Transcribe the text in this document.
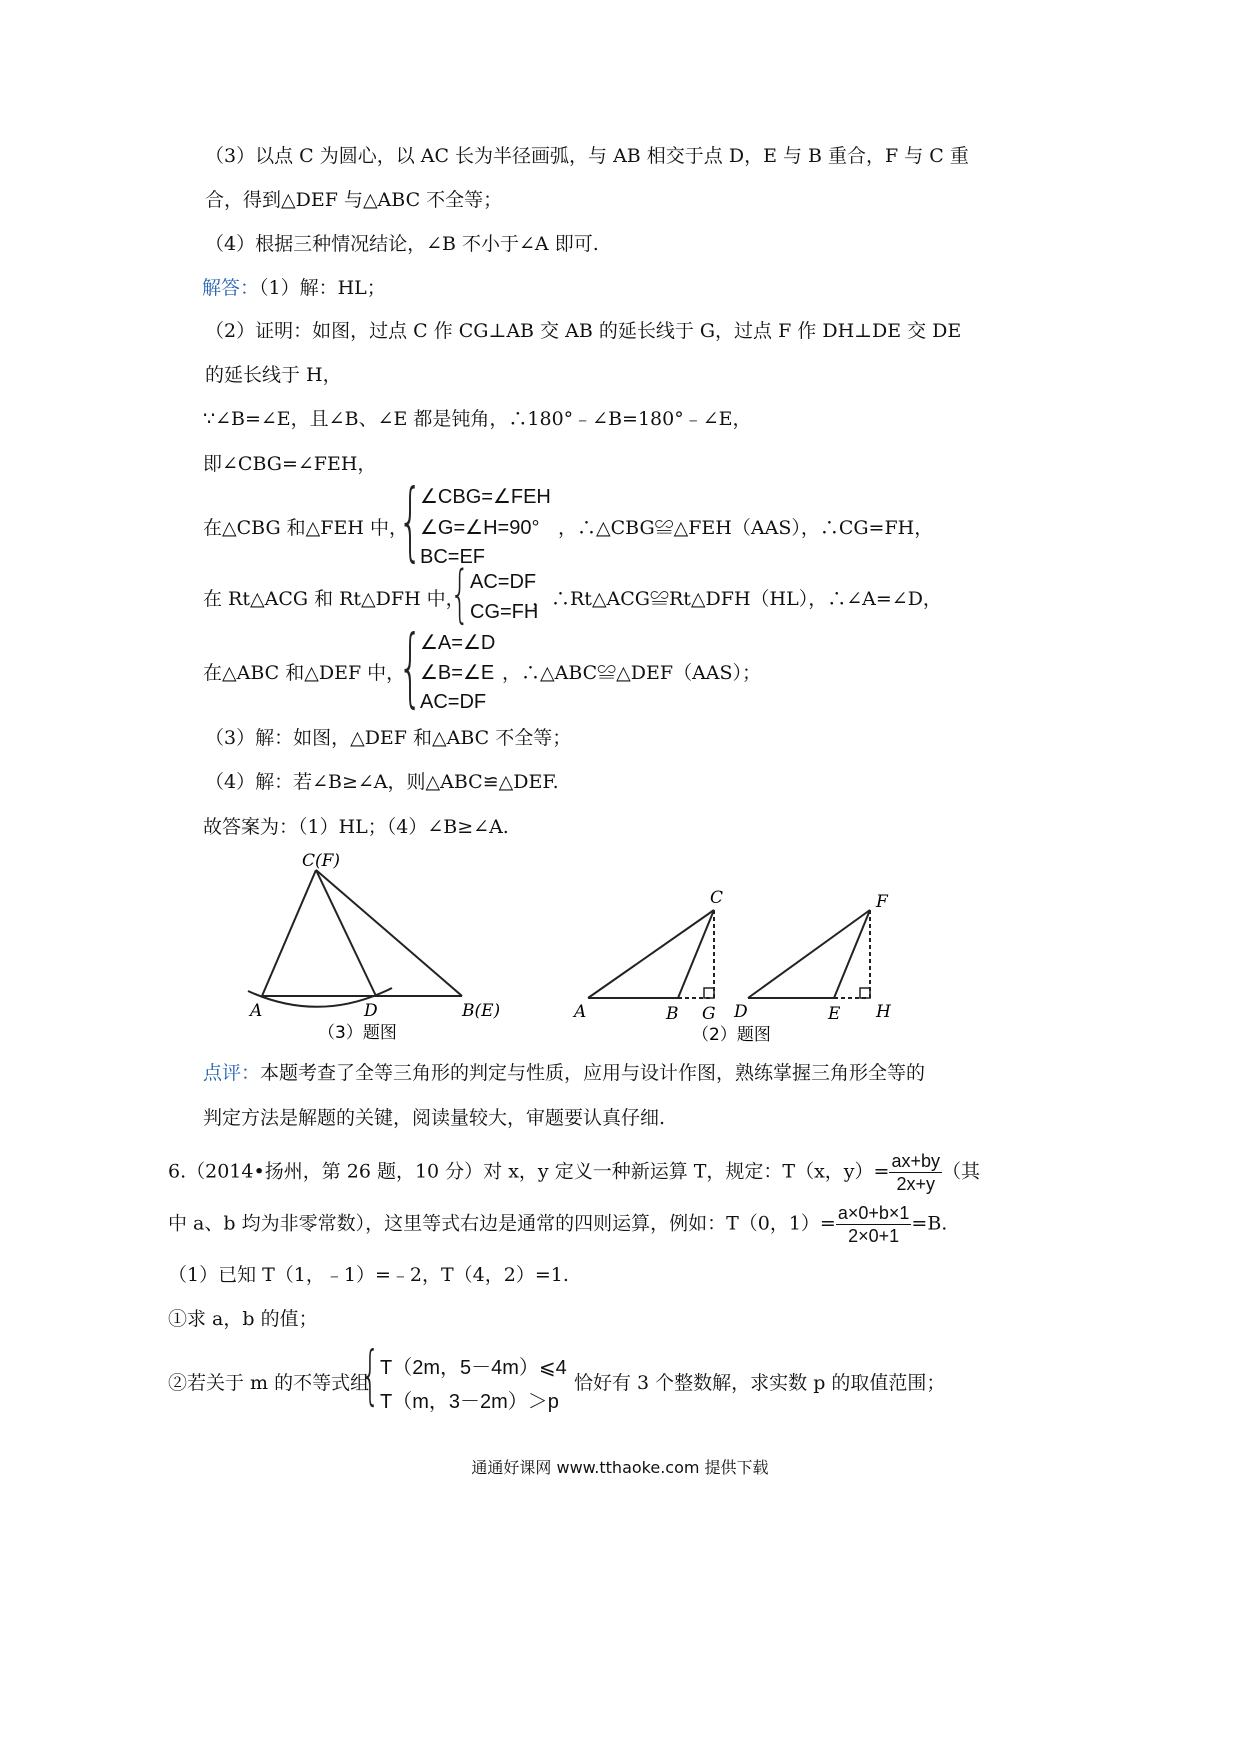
（3）以点 C 为圆心，以 AC 长为半径画弧，与 AB 相交于点 D，E 与 B 重合，F 与 C 重
合，得到△DEF 与△ABC 不全等；
（4）根据三种情况结论，∠B 不小于∠A 即可.
解答：（1）解：HL；
（2）证明：如图，过点 C 作 CG⊥AB 交 AB 的延长线于 G，过点 F 作 DH⊥DE 交 DE
的延长线于 H，
∵∠B=∠E，且∠B、∠E 都是钝角，∴180°﹣∠B=180°﹣∠E，
即∠CBG=∠FEH，
在△CBG 和△FEH 中，
{
∠CBG=∠FEH
∠G=∠H=90°
BC=EF
，∴△CBG≌△FEH（AAS），∴CG=FH，
在 Rt△ACG 和 Rt△DFH 中，
{ AC=DF
CG=FH
，∴Rt△ACG≌Rt△DFH（HL），∴∠A=∠D，
在△ABC 和△DEF 中，
{
∠A=∠D
∠B=∠E
AC=DF
，∴△ABC≌△DEF（AAS）；
（3）解：如图，△DEF 和△ABC 不全等；
（4）解：若∠B≥∠A，则△ABC≌△DEF.
故答案为：（1）HL；（4）∠B≥∠A.
C(F)
A	D	B(E)
（3）题图
C
A	B G
F
D	E H
（2）题图
点评：本题考查了全等三角形的判定与性质，应用与设计作图，熟练掌握三角形全等的
判定方法是解题的关键，阅读量较大，审题要认真仔细.
6.（2014•扬州，第 26 题，10 分）对 x，y 定义一种新运算 T，规定：T（x，$y)= \frac{ax+by}{2x+y}$ （其
中 a、b 均为非零常数），这里等式右边是通常的四则运算，例如：T（0，$1)= \frac{a\times 0+b\times 1}{2\times 0+1} =B$.
（1）已知 T（1，﹣1）=﹣2，T（4，2）=1.
①求 a，b 的值；
②若关于 m 的不等式组
{ T（2m，5－4m）⩽4
T（m，3－2m）＞p
恰好有 3 个整数解，求实数 p 的取值范围；
通通好课网 www.tthaoke.com 提供下载
